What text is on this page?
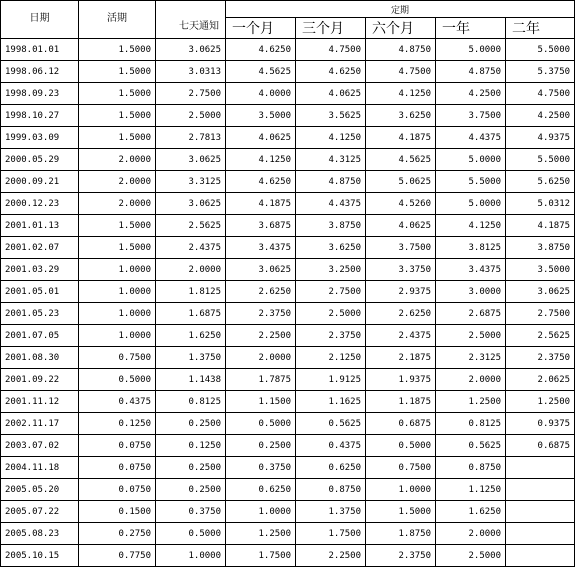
日期	活期	七天通知	定期				
			一个月	三个月	六个月	一年	二年
1998.01.01	1.5000	3.0625	4.6250	4.7500	4.8750	5.0000	5.5000
1998.06.12	1.5000	3.0313	4.5625	4.6250	4.7500	4.8750	5.3750
1998.09.23	1.5000	2.7500	4.0000	4.0625	4.1250	4.2500	4.7500
1998.10.27	1.5000	2.5000	3.5000	3.5625	3.6250	3.7500	4.2500
1999.03.09	1.5000	2.7813	4.0625	4.1250	4.1875	4.4375	4.9375
2000.05.29	2.0000	3.0625	4.1250	4.3125	4.5625	5.0000	5.5000
2000.09.21	2.0000	3.3125	4.6250	4.8750	5.0625	5.5000	5.6250
2000.12.23	2.0000	3.0625	4.1875	4.4375	4.5260	5.0000	5.0312
2001.01.13	1.5000	2.5625	3.6875	3.8750	4.0625	4.1250	4.1875
2001.02.07	1.5000	2.4375	3.4375	3.6250	3.7500	3.8125	3.8750
2001.03.29	1.0000	2.0000	3.0625	3.2500	3.3750	3.4375	3.5000
2001.05.01	1.0000	1.8125	2.6250	2.7500	2.9375	3.0000	3.0625
2001.05.23	1.0000	1.6875	2.3750	2.5000	2.6250	2.6875	2.7500
2001.07.05	1.0000	1.6250	2.2500	2.3750	2.4375	2.5000	2.5625
2001.08.30	0.7500	1.3750	2.0000	2.1250	2.1875	2.3125	2.3750
2001.09.22	0.5000	1.1438	1.7875	1.9125	1.9375	2.0000	2.0625
2001.11.12	0.4375	0.8125	1.1500	1.1625	1.1875	1.2500	1.2500
2002.11.17	0.1250	0.2500	0.5000	0.5625	0.6875	0.8125	0.9375
2003.07.02	0.0750	0.1250	0.2500	0.4375	0.5000	0.5625	0.6875
2004.11.18	0.0750	0.2500	0.3750	0.6250	0.7500	0.8750	
2005.05.20	0.0750	0.2500	0.6250	0.8750	1.0000	1.1250	
2005.07.22	0.1500	0.3750	1.0000	1.3750	1.5000	1.6250	
2005.08.23	0.2750	0.5000	1.2500	1.7500	1.8750	2.0000	
2005.10.15	0.7750	1.0000	1.7500	2.2500	2.3750	2.5000	
